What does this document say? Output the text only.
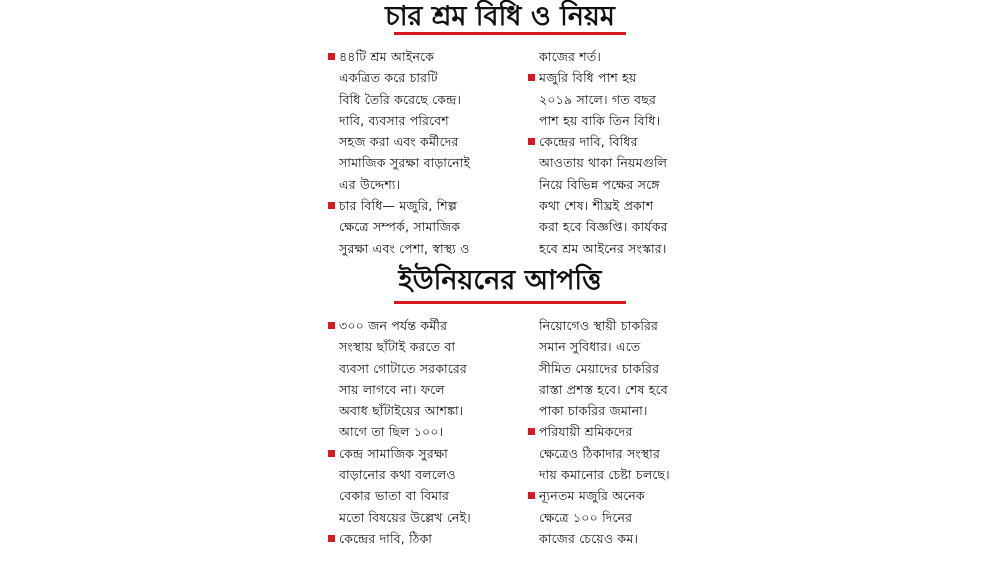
চার শ্রম বিধি ও নিয়ম
৪৪টি শ্রম আইনকে
একত্রিত করে চারটি
বিধি তৈরি করেছে কেন্দ্র।
দাবি, ব্যবসার পরিবেশ
সহজ করা এবং কর্মীদের
সামাজিক সুরক্ষা বাড়ানোই
এর উদ্দেশ্য।
চার বিধি— মজুরি, শিল্প
ক্ষেত্রে সম্পর্ক, সামাজিক
সুরক্ষা এবং পেশা, স্বাস্থ্য ও
কাজের শর্ত।
মজুরি বিধি পাশ হয়
২০১৯ সালে। গত বছর
পাশ হয় বাকি তিন বিধি।
কেন্দ্রের দাবি, বিধির
আওতায় থাকা নিয়মগুলি
নিয়ে বিভিন্ন পক্ষের সঙ্গে
কথা শেষ। শীঘ্রই প্রকাশ
করা হবে বিজ্ঞপ্তি। কার্যকর
হবে শ্রম আইনের সংস্কার।
ইউনিয়নের আপত্তি
৩০০ জন পর্যন্ত কর্মীর
সংস্থায় ছাঁটাই করতে বা
ব্যবসা গোটাতে সরকারের
সায় লাগবে না। ফলে
অবাধ ছাঁটাইয়ের আশঙ্কা।
আগে তা ছিল ১০০।
কেন্দ্র সামাজিক সুরক্ষা
বাড়ানোর কথা বললেও
বেকার ভাতা বা বিমার
মতো বিষয়ের উল্লেখ নেই।
কেন্দ্রের দাবি, ঠিকা
নিয়োগেও স্থায়ী চাকরির
সমান সুবিধার। এতে
সীমিত মেয়াদের চাকরির
রাস্তা প্রশস্ত হবে। শেষ হবে
পাকা চাকরির জমানা।
পরিযায়ী শ্রমিকদের
ক্ষেত্রেও ঠিকাদার সংস্থার
দায় কমানোর চেষ্টা চলছে।
ন্যূনতম মজুরি অনেক
ক্ষেত্রে ১০০ দিনের
কাজের চেয়েও কম।
